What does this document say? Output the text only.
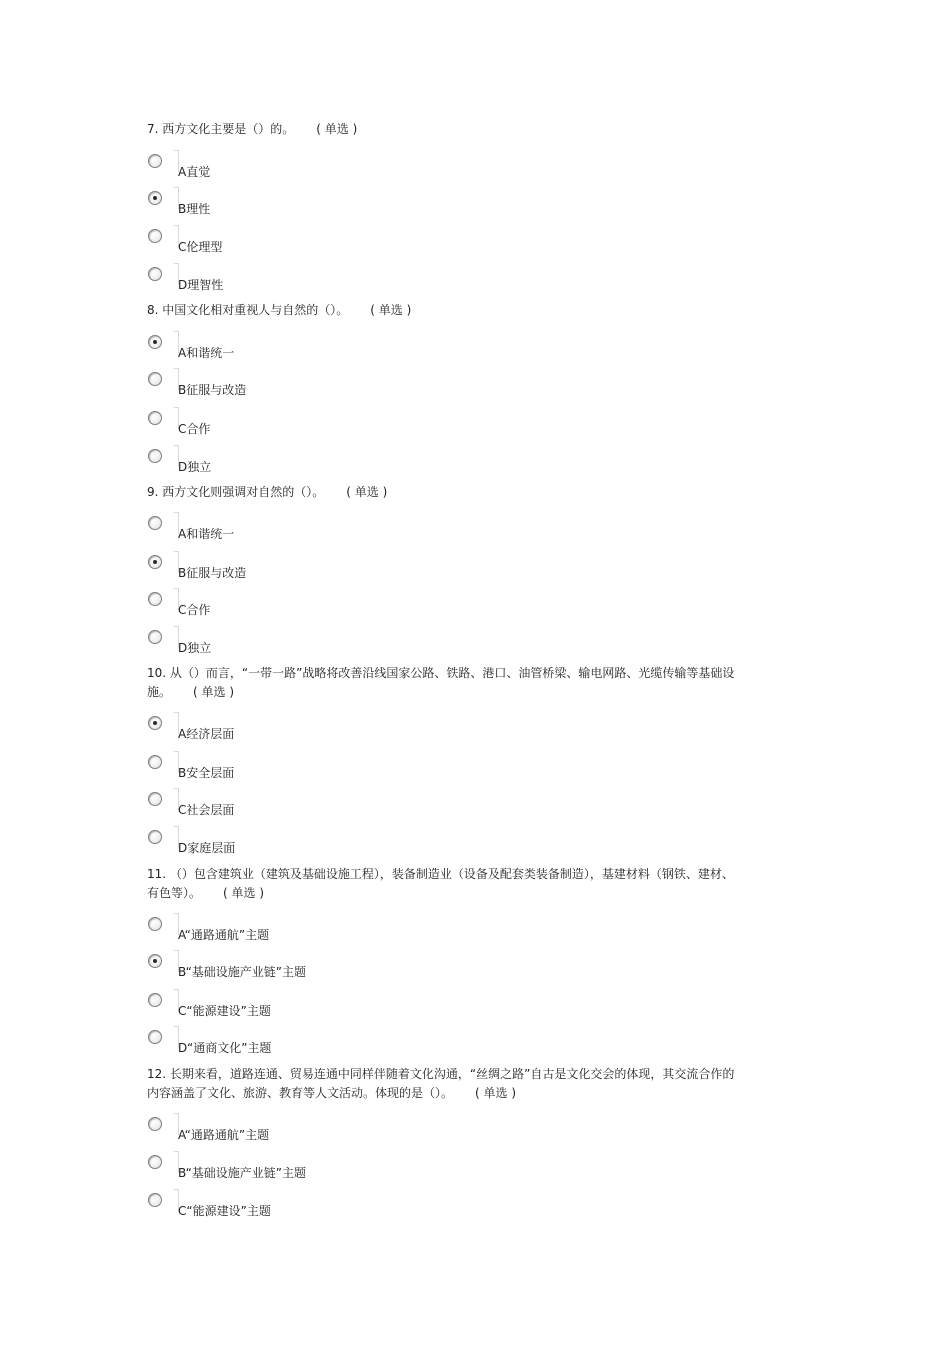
7. 西方文化主要是（）的。 ( 单选 )
A直觉
B理性
C伦理型
D理智性
8. 中国文化相对重视人与自然的（）。 ( 单选 )
A和谐统一
B征服与改造
C合作
D独立
9. 西方文化则强调对自然的（）。 ( 单选 )
A和谐统一
B征服与改造
C合作
D独立
10. 从（）而言，“一带一路”战略将改善沿线国家公路、铁路、港口、油管桥梁、输电网路、光缆传输等基础设施。 ( 单选 )
A经济层面
B安全层面
C社会层面
D家庭层面
11. （）包含建筑业（建筑及基础设施工程），装备制造业（设备及配套类装备制造），基建材料（钢铁、建材、有色等）。 ( 单选 )
A“通路通航”主题
B“基础设施产业链”主题
C“能源建设”主题
D“通商文化”主题
12. 长期来看，道路连通、贸易连通中同样伴随着文化沟通，“丝绸之路”自古是文化交会的体现，其交流合作的内容涵盖了文化、旅游、教育等人文活动。体现的是（）。 ( 单选 )
A“通路通航”主题
B“基础设施产业链”主题
C“能源建设”主题
